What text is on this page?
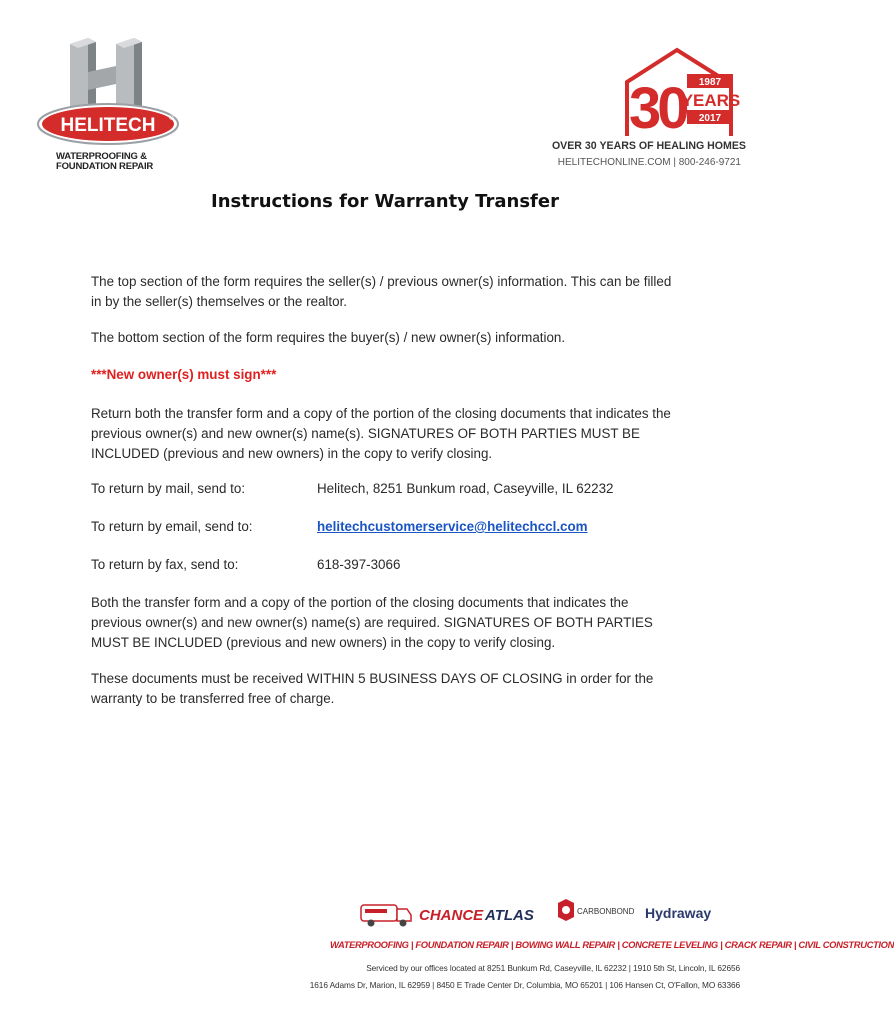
HELITECH ®
WATERPROOFING &
FOUNDATION REPAIR
30 1987
YEARS
2017
OVER 30 YEARS OF HEALING HOMES
HELITECHONLINE.COM | 800-246-9721
Instructions for Warranty Transfer
The top section of the form requires the seller(s) / previous owner(s) information. This can be filled in by the seller(s) themselves or the realtor.
The bottom section of the form requires the buyer(s) / new owner(s) information.
***New owner(s) must sign***
Return both the transfer form and a copy of the portion of the closing documents that indicates the previous owner(s) and new owner(s) name(s). SIGNATURES OF BOTH PARTIES MUST BE INCLUDED (previous and new owners) in the copy to verify closing.
To return by mail, send to:	Helitech, 8251 Bunkum road, Caseyville, IL 62232
To return by email, send to:	helitechcustomerservice@helitechccl.com
To return by fax, send to:	618-397-3066
Both the transfer form and a copy of the portion of the closing documents that indicates the previous owner(s) and new owner(s) name(s) are required. SIGNATURES OF BOTH PARTIES MUST BE INCLUDED (previous and new owners) in the copy to verify closing.
These documents must be received WITHIN 5 BUSINESS DAYS OF CLOSING in order for the warranty to be transferred free of charge.
CHANCE ATLAS	CARBONBOND Hydraway
WATERPROOFING | FOUNDATION REPAIR | BOWING WALL REPAIR | CONCRETE LEVELING | CRACK REPAIR | CIVIL CONSTRUCTION
Serviced by our offices located at 8251 Bunkum Rd, Caseyville, IL 62232 | 1910 5th St, Lincoln, IL 62656
1616 Adams Dr, Marion, IL 62959 | 8450 E Trade Center Dr, Columbia, MO 65201 | 106 Hansen Ct, O'Fallon, MO 63366
